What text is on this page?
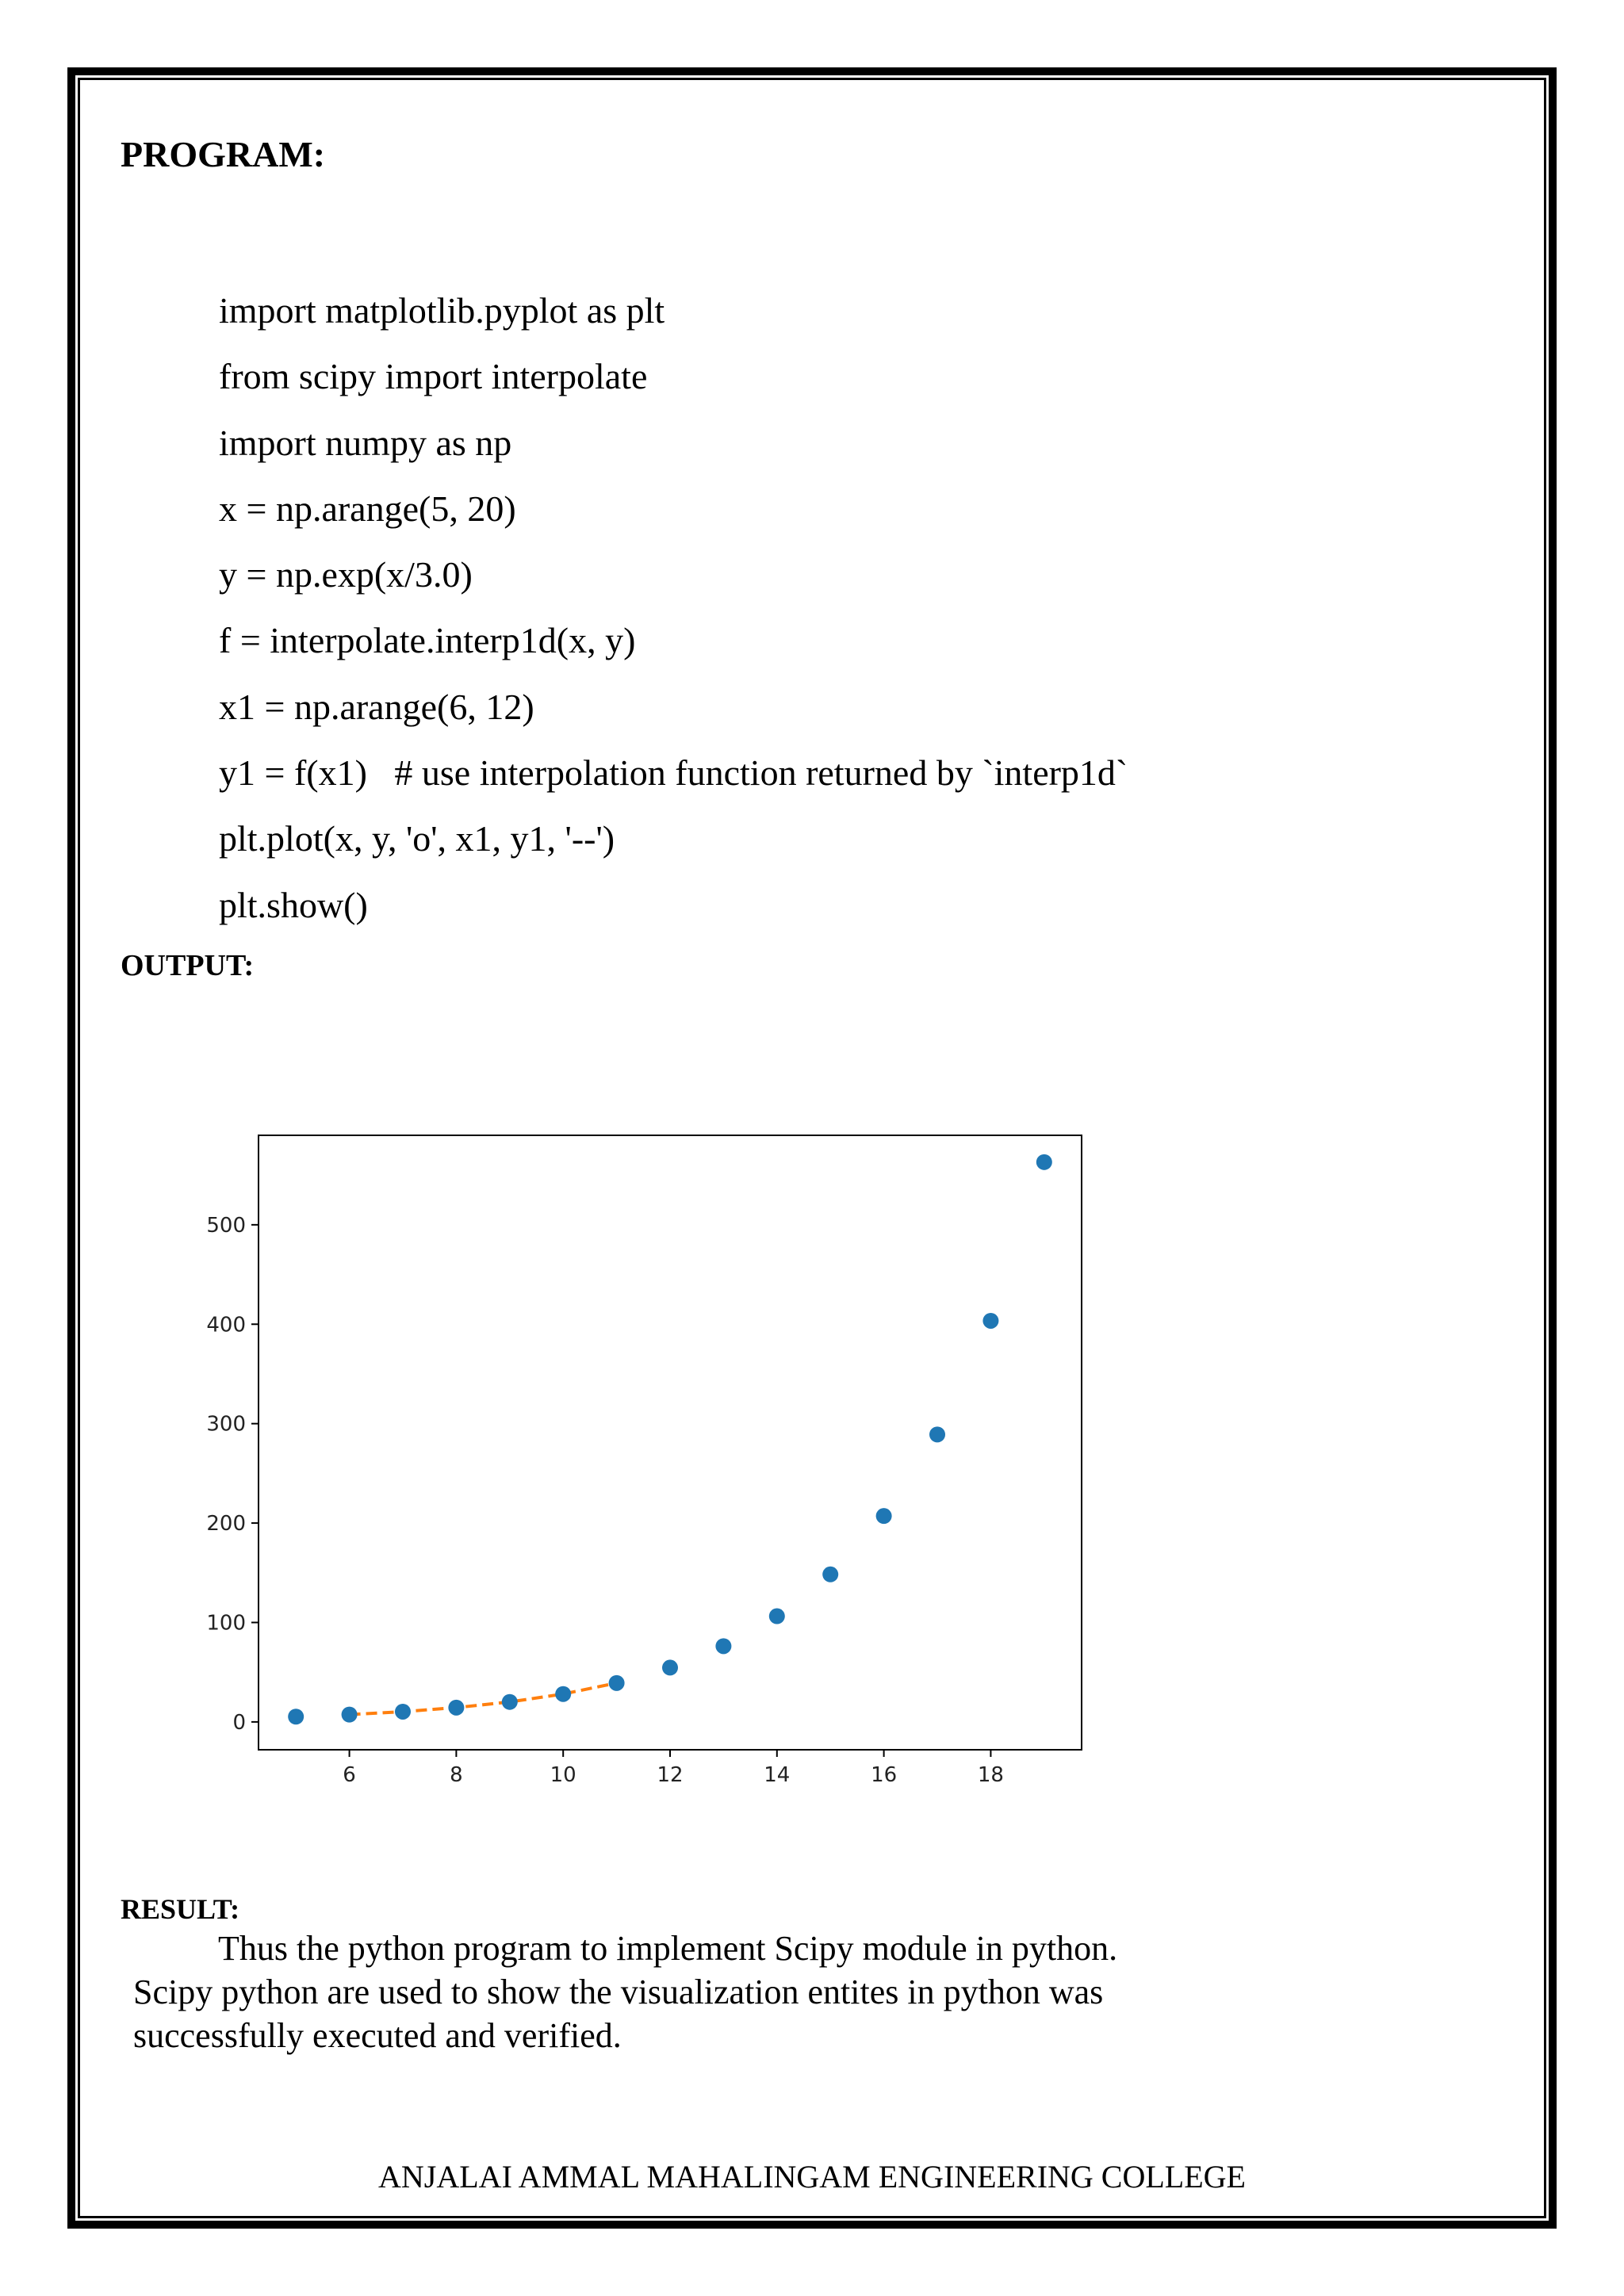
PROGRAM:
import matplotlib.pyplot as plt
from scipy import interpolate
import numpy as np
x = np.arange(5, 20)
y = np.exp(x/3.0)
f = interpolate.interp1d(x, y)
x1 = np.arange(6, 12)
y1 = f(x1)   # use interpolation function returned by `interp1d`
plt.plot(x, y, 'o', x1, y1, '--')
plt.show()
OUTPUT:
6	8	10	12	14	16	18
0
100
200
300
400
500
RESULT:
Thus the python program to implement Scipy module in python.
Scipy python are used to show the visualization entites in python was
successfully executed and verified.
ANJALAI AMMAL MAHALINGAM ENGINEERING COLLEGE
